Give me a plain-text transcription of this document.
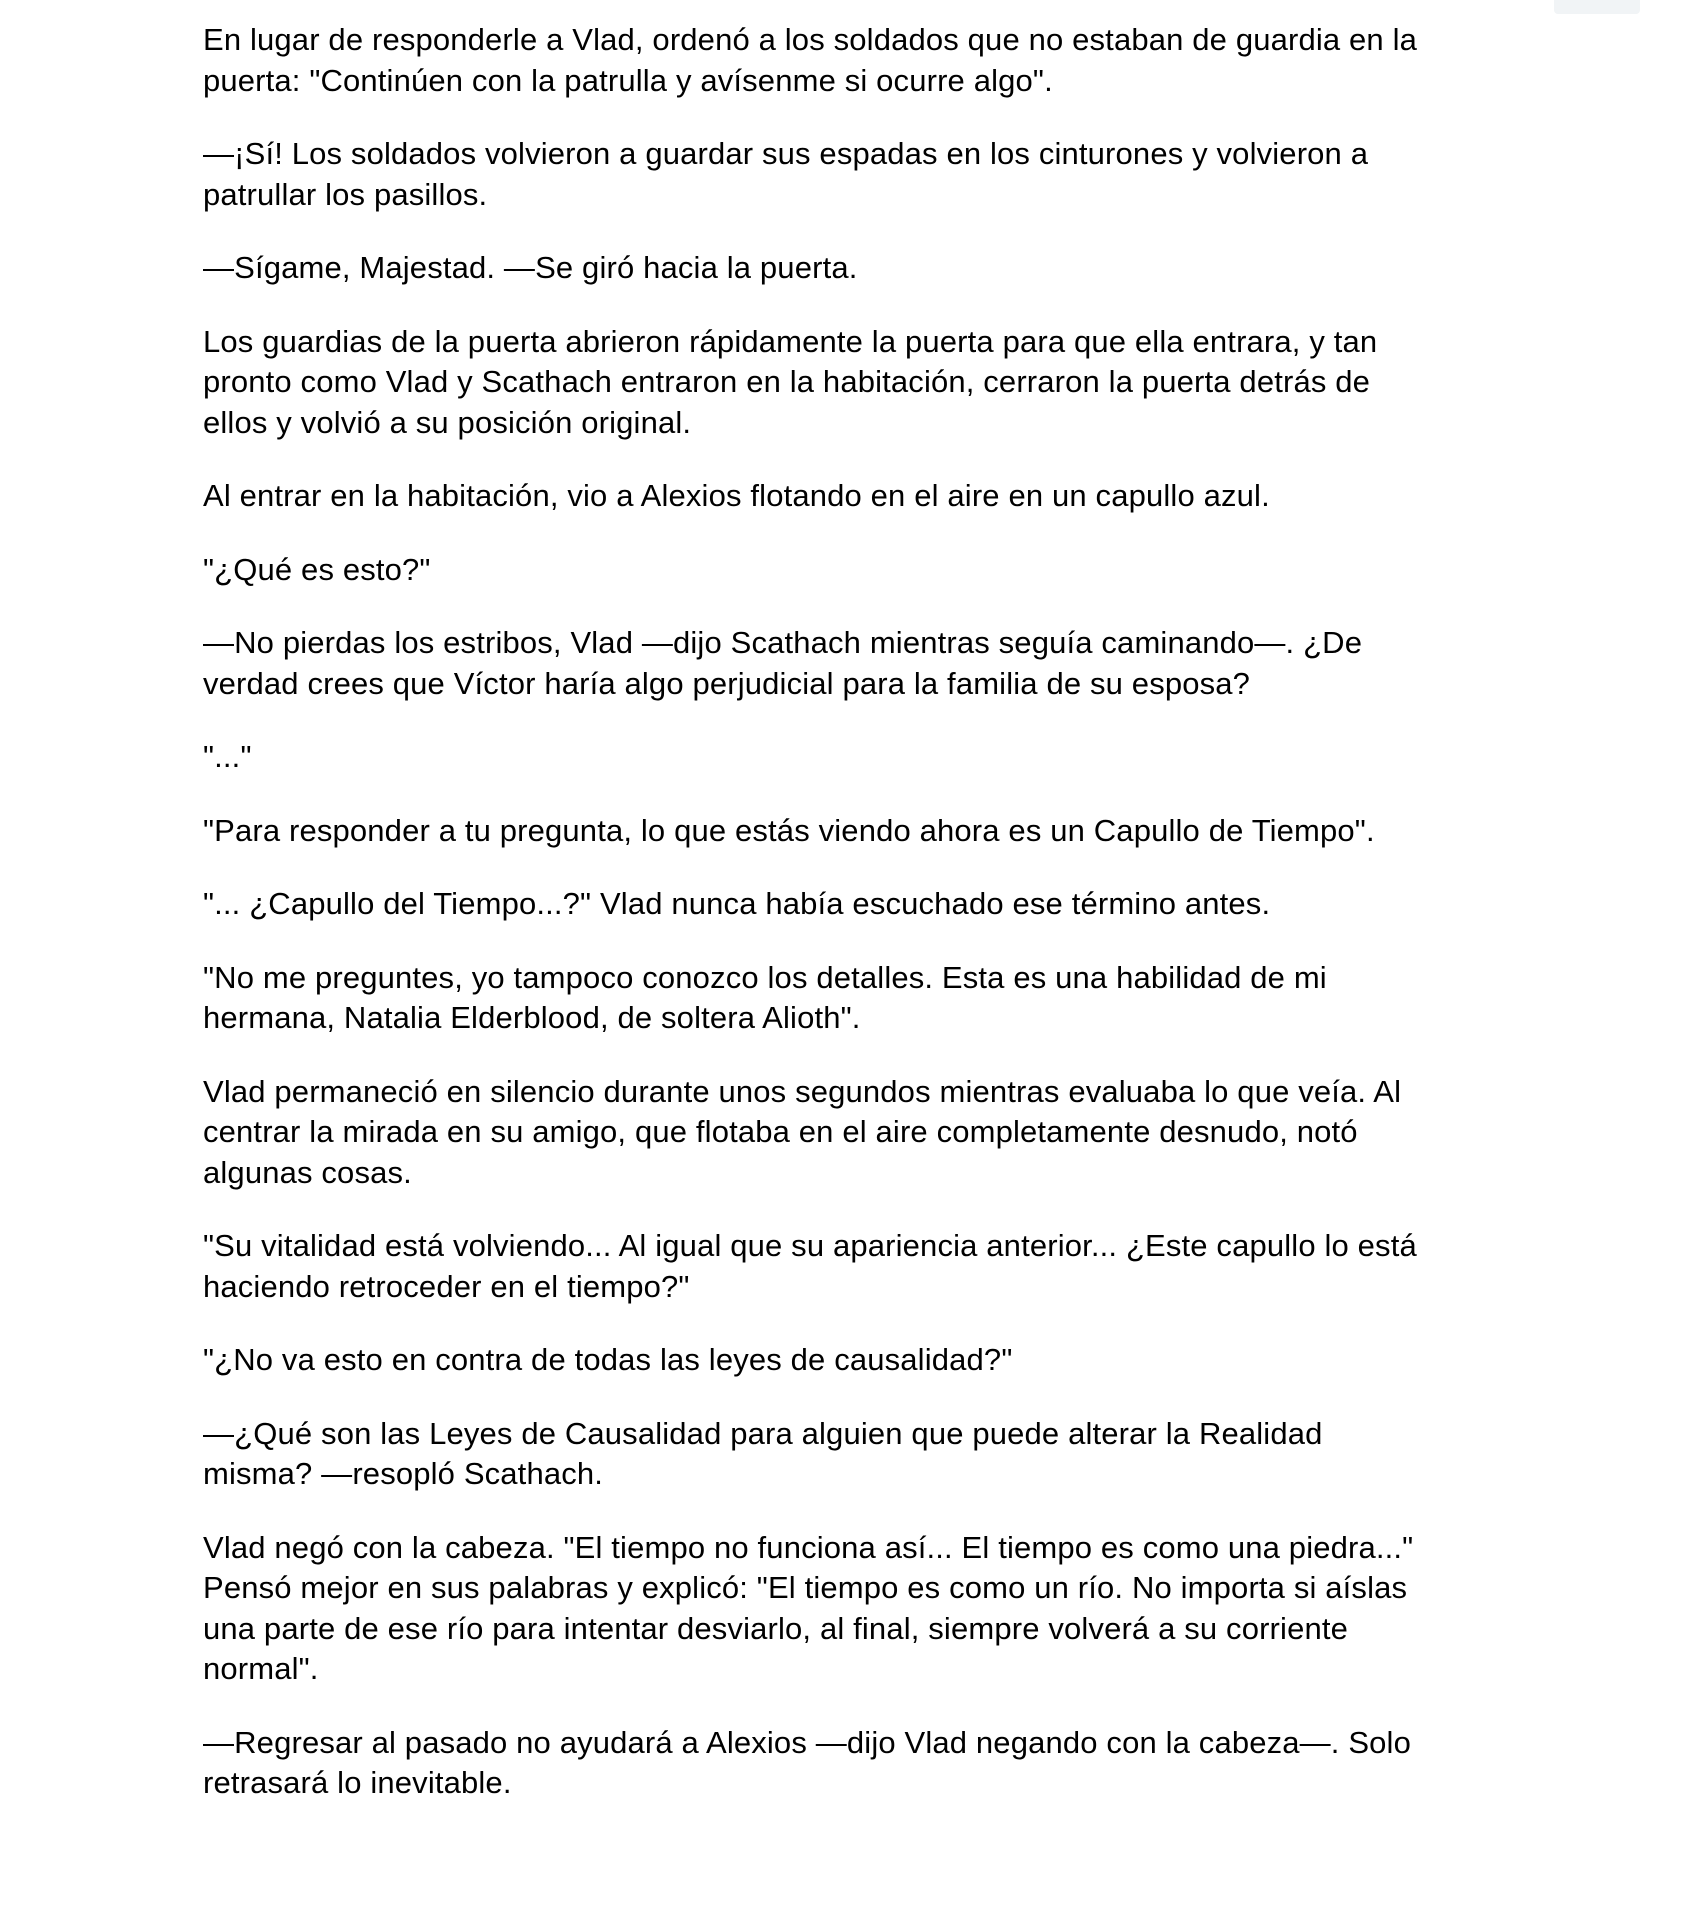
En lugar de responderle a Vlad, ordenó a los soldados que no estaban de guardia en la
puerta: "Continúen con la patrulla y avísenme si ocurre algo".

—¡Sí! Los soldados volvieron a guardar sus espadas en los cinturones y volvieron a
patrullar los pasillos.

—Sígame, Majestad. —Se giró hacia la puerta.

Los guardias de la puerta abrieron rápidamente la puerta para que ella entrara, y tan
pronto como Vlad y Scathach entraron en la habitación, cerraron la puerta detrás de
ellos y volvió a su posición original.

Al entrar en la habitación, vio a Alexios flotando en el aire en un capullo azul.

"¿Qué es esto?"

—No pierdas los estribos, Vlad —dijo Scathach mientras seguía caminando—. ¿De
verdad crees que Víctor haría algo perjudicial para la familia de su esposa?

"..."

"Para responder a tu pregunta, lo que estás viendo ahora es un Capullo de Tiempo".

"... ¿Capullo del Tiempo...?" Vlad nunca había escuchado ese término antes.

"No me preguntes, yo tampoco conozco los detalles. Esta es una habilidad de mi
hermana, Natalia Elderblood, de soltera Alioth".

Vlad permaneció en silencio durante unos segundos mientras evaluaba lo que veía. Al
centrar la mirada en su amigo, que flotaba en el aire completamente desnudo, notó
algunas cosas.

"Su vitalidad está volviendo... Al igual que su apariencia anterior... ¿Este capullo lo está
haciendo retroceder en el tiempo?"

"¿No va esto en contra de todas las leyes de causalidad?"

—¿Qué son las Leyes de Causalidad para alguien que puede alterar la Realidad
misma? —resopló Scathach.

Vlad negó con la cabeza. "El tiempo no funciona así... El tiempo es como una piedra..."
Pensó mejor en sus palabras y explicó: "El tiempo es como un río. No importa si aíslas
una parte de ese río para intentar desviarlo, al final, siempre volverá a su corriente
normal".

—Regresar al pasado no ayudará a Alexios —dijo Vlad negando con la cabeza—. Solo
retrasará lo inevitable.
